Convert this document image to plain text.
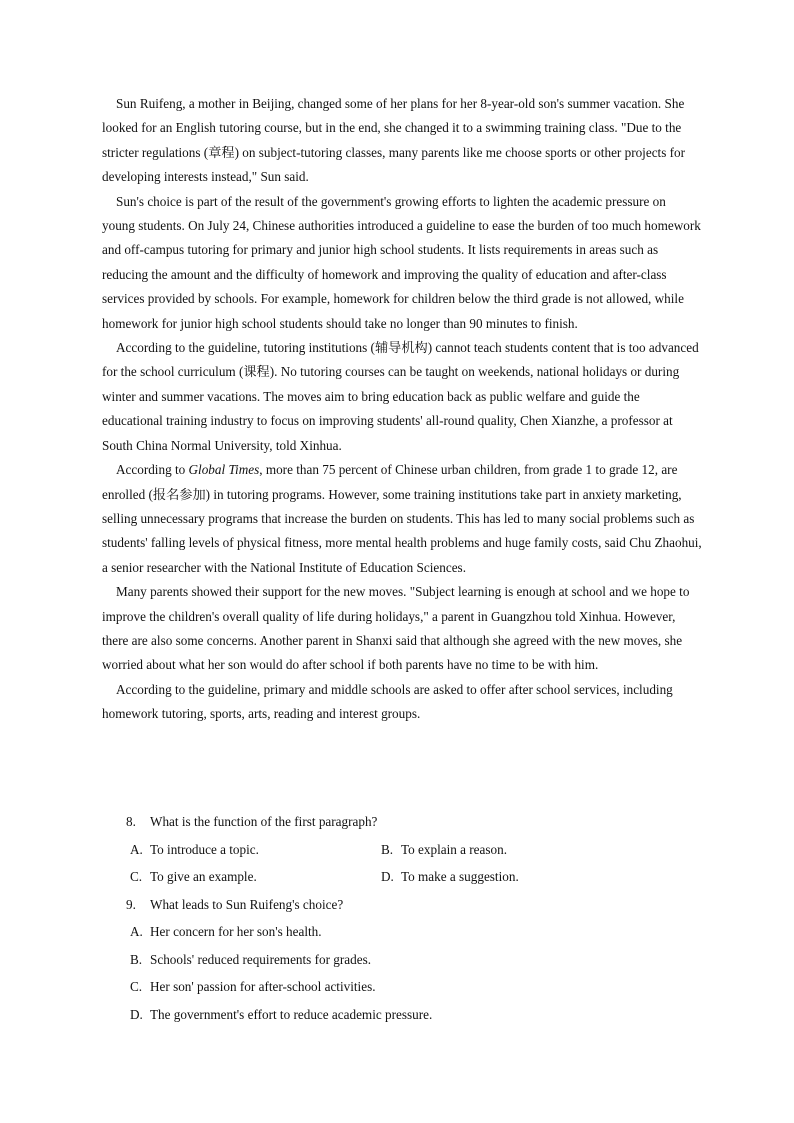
Sun Ruifeng, a mother in Beijing, changed some of her plans for her 8-year-old son's summer vacation. She looked for an English tutoring course, but in the end, she changed it to a swimming training class. "Due to the stricter regulations (章程) on subject-tutoring classes, many parents like me choose sports or other projects for developing interests instead," Sun said.

Sun's choice is part of the result of the government's growing efforts to lighten the academic pressure on young students. On July 24, Chinese authorities introduced a guideline to ease the burden of too much homework and off-campus tutoring for primary and junior high school students. It lists requirements in areas such as reducing the amount and the difficulty of homework and improving the quality of education and after-class services provided by schools. For example, homework for children below the third grade is not allowed, while homework for junior high school students should take no longer than 90 minutes to finish.

According to the guideline, tutoring institutions (辅导机构) cannot teach students content that is too advanced for the school curriculum (课程). No tutoring courses can be taught on weekends, national holidays or during winter and summer vacations. The moves aim to bring education back as public welfare and guide the educational training industry to focus on improving students' all-round quality, Chen Xianzhe, a professor at South China Normal University, told Xinhua.

According to Global Times, more than 75 percent of Chinese urban children, from grade 1 to grade 12, are enrolled (报名参加) in tutoring programs. However, some training institutions take part in anxiety marketing, selling unnecessary programs that increase the burden on students. This has led to many social problems such as students' falling levels of physical fitness, more mental health problems and huge family costs, said Chu Zhaohui, a senior researcher with the National Institute of Education Sciences.

Many parents showed their support for the new moves. "Subject learning is enough at school and we hope to improve the children's overall quality of life during holidays," a parent in Guangzhou told Xinhua. However, there are also some concerns. Another parent in Shanxi said that although she agreed with the new moves, she worried about what her son would do after school if both parents have no time to be with him.

According to the guideline, primary and middle schools are asked to offer after school services, including homework tutoring, sports, arts, reading and interest groups.

8. What is the function of the first paragraph?
A. To introduce a topic.	B. To explain a reason.
C. To give an example.	D. To make a suggestion.
9. What leads to Sun Ruifeng's choice?
A. Her concern for her son's health.
B. Schools' reduced requirements for grades.
C. Her son' passion for after-school activities.
D. The government's effort to reduce academic pressure.
